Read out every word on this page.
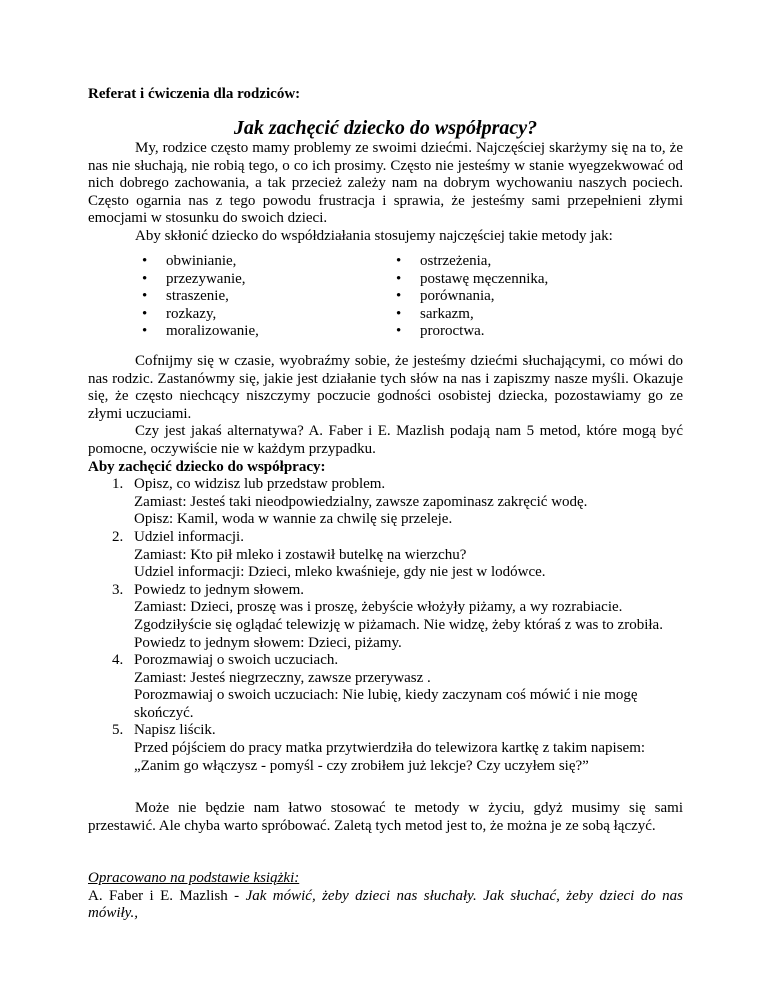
Referat i ćwiczenia dla rodziców:
Jak zachęcić dziecko do współpracy?

My, rodzice często mamy problemy ze swoimi dziećmi. Najczęściej skarżymy się na to, że nas nie słuchają, nie robią tego, o co ich prosimy. Często nie jesteśmy w stanie wyegzekwować od nich dobrego zachowania, a tak przecież zależy nam na dobrym wychowaniu naszych pociech. Często ogarnia nas z tego powodu frustracja i sprawia, że jesteśmy sami przepełnieni złymi emocjami w stosunku do swoich dzieci.

Aby skłonić dziecko do współdziałania stosujemy najczęściej takie metody jak:

• obwinianie,
• przezywanie,
• straszenie,
• rozkazy,
• moralizowanie,
• ostrzeżenia,
• postawę męczennika,
• porównania,
• sarkazm,
• proroctwa.

Cofnijmy się w czasie, wyobraźmy sobie, że jesteśmy dziećmi słuchającymi, co mówi do nas rodzic. Zastanówmy się, jakie jest działanie tych słów na nas i zapiszmy nasze myśli. Okazuje się, że często niechcący niszczymy poczucie godności osobistej dziecka, pozostawiamy go ze złymi uczuciami.

Czy jest jakaś alternatywa? A. Faber i E. Mazlish podają nam 5 metod, które mogą być pomocne, oczywiście nie w każdym przypadku.

Aby zachęcić dziecko do współpracy:

1. Opisz, co widzisz lub przedstaw problem.
Zamiast: Jesteś taki nieodpowiedzialny, zawsze zapominasz zakręcić wodę.
Opisz: Kamil, woda w wannie za chwilę się przeleje.
2. Udziel informacji.
Zamiast: Kto pił mleko i zostawił butelkę na wierzchu?
Udziel informacji: Dzieci, mleko kwaśnieje, gdy nie jest w lodówce.
3. Powiedz to jednym słowem.
Zamiast: Dzieci, proszę was i proszę, żebyście włożyły piżamy, a wy rozrabiacie. Zgodziłyście się oglądać telewizję w piżamach. Nie widzę, żeby któraś z was to zrobiła.
Powiedz to jednym słowem: Dzieci, piżamy.
4. Porozmawiaj o swoich uczuciach.
Zamiast: Jesteś niegrzeczny, zawsze przerywasz .
Porozmawiaj o swoich uczuciach: Nie lubię, kiedy zaczynam coś mówić i nie mogę skończyć.
5. Napisz liścik.
Przed pójściem do pracy matka przytwierdziła do telewizora kartkę z takim napisem:
„Zanim go włączysz - pomyśl - czy zrobiłem już lekcje? Czy uczyłem się?”

Może nie będzie nam łatwo stosować te metody w życiu, gdyż musimy się sami przestawić. Ale chyba warto spróbować. Zaletą tych metod jest to, że można je ze sobą łączyć.

Opracowano na podstawie książki:
A. Faber i E. Mazlish - Jak mówić, żeby dzieci nas słuchały. Jak słuchać, żeby dzieci do nas mówiły.,
